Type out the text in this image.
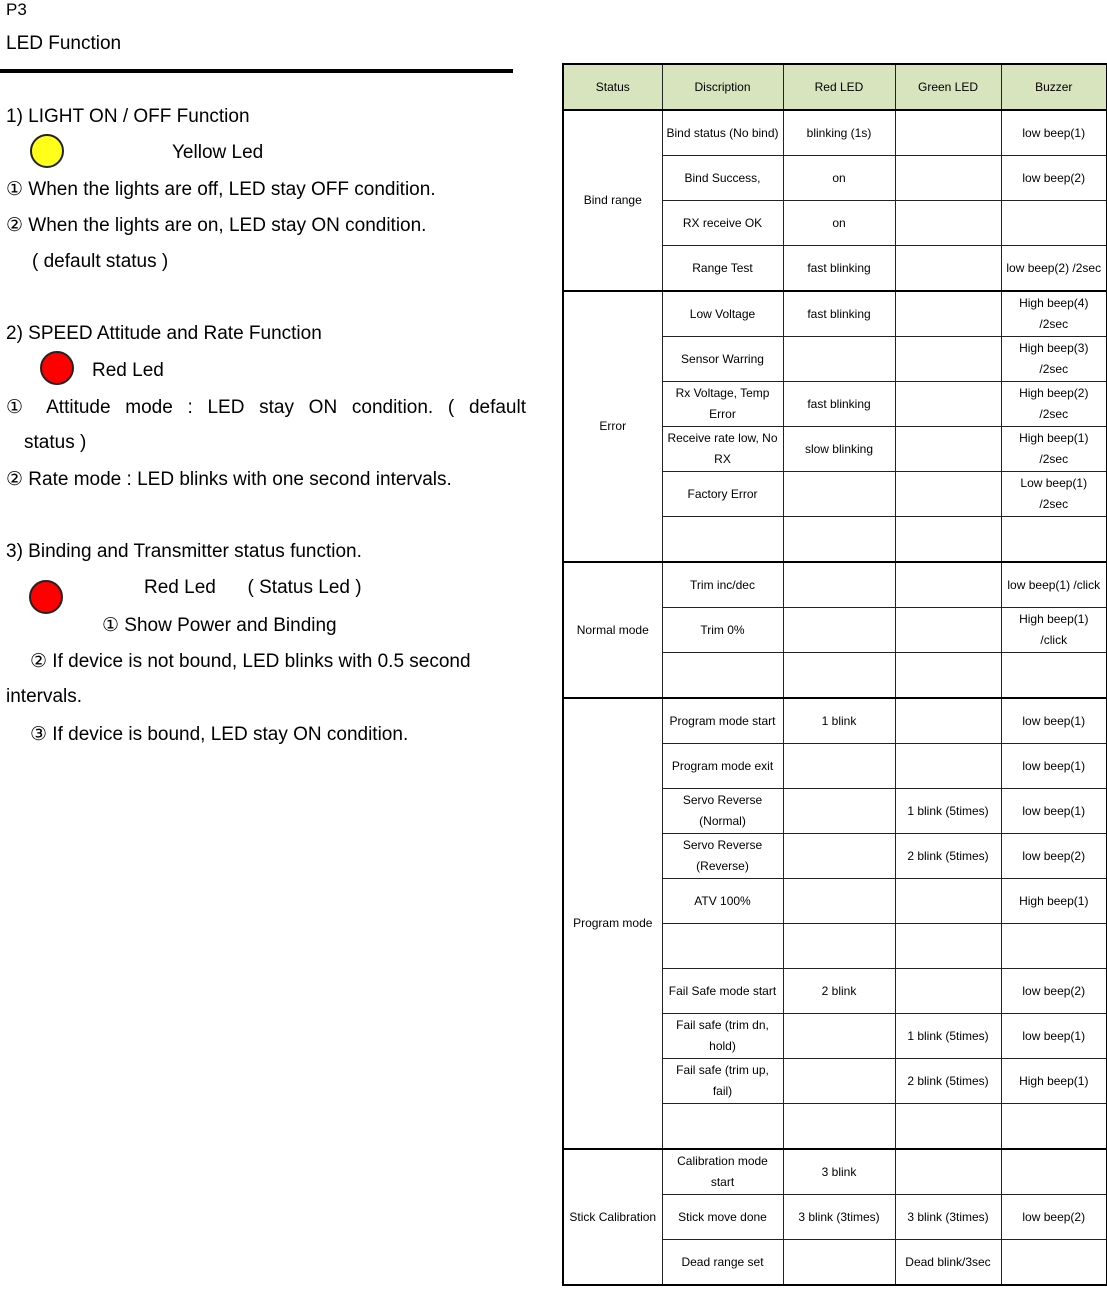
P3
LED Function
1) LIGHT ON / OFF Function
Yellow Led
① When the lights are off, LED stay OFF condition.
② When the lights are on, LED stay ON condition.
( default status )
2) SPEED Attitude and Rate Function
Red Led
① Attitude mode : LED stay ON condition. ( default
status )
② Rate mode : LED blinks with one second intervals.
3) Binding and Transmitter status function.
Red Led      ( Status Led )
① Show Power and Binding
② If device is not bound, LED blinks with 0.5 second
intervals.
③ If device is bound, LED stay ON condition.
Status	Discription	Red LED	Green LED	Buzzer
Bind range	Bind status (No bind)	blinking (1s)		low beep(1)
	Bind Success,	on		low beep(2)
	RX receive OK	on		
	Range Test	fast blinking		low beep(2) /2sec
Error	Low Voltage	fast blinking		High beep(4) /2sec
	Sensor Warring			High beep(3) /2sec
	Rx Voltage, Temp Error	fast blinking		High beep(2) /2sec
	Receive rate low, No RX	slow blinking		High beep(1) /2sec
	Factory Error			Low beep(1) /2sec

Normal mode	Trim inc/dec			low beep(1) /click
	Trim 0%			High beep(1) /click

Program mode	Program mode start	1 blink		low beep(1)
	Program mode exit			low beep(1)
	Servo Reverse (Normal)		1 blink (5times)	low beep(1)
	Servo Reverse (Reverse)		2 blink (5times)	low beep(2)
	ATV 100%			High beep(1)

	Fail Safe mode start	2 blink		low beep(2)
	Fail safe (trim dn, hold)		1 blink (5times)	low beep(1)
	Fail safe (trim up, fail)		2 blink (5times)	High beep(1)

Stick Calibration	Calibration mode start	3 blink		
	Stick move done	3 blink (3times)	3 blink (3times)	low beep(2)
	Dead range set		Dead blink/3sec	
